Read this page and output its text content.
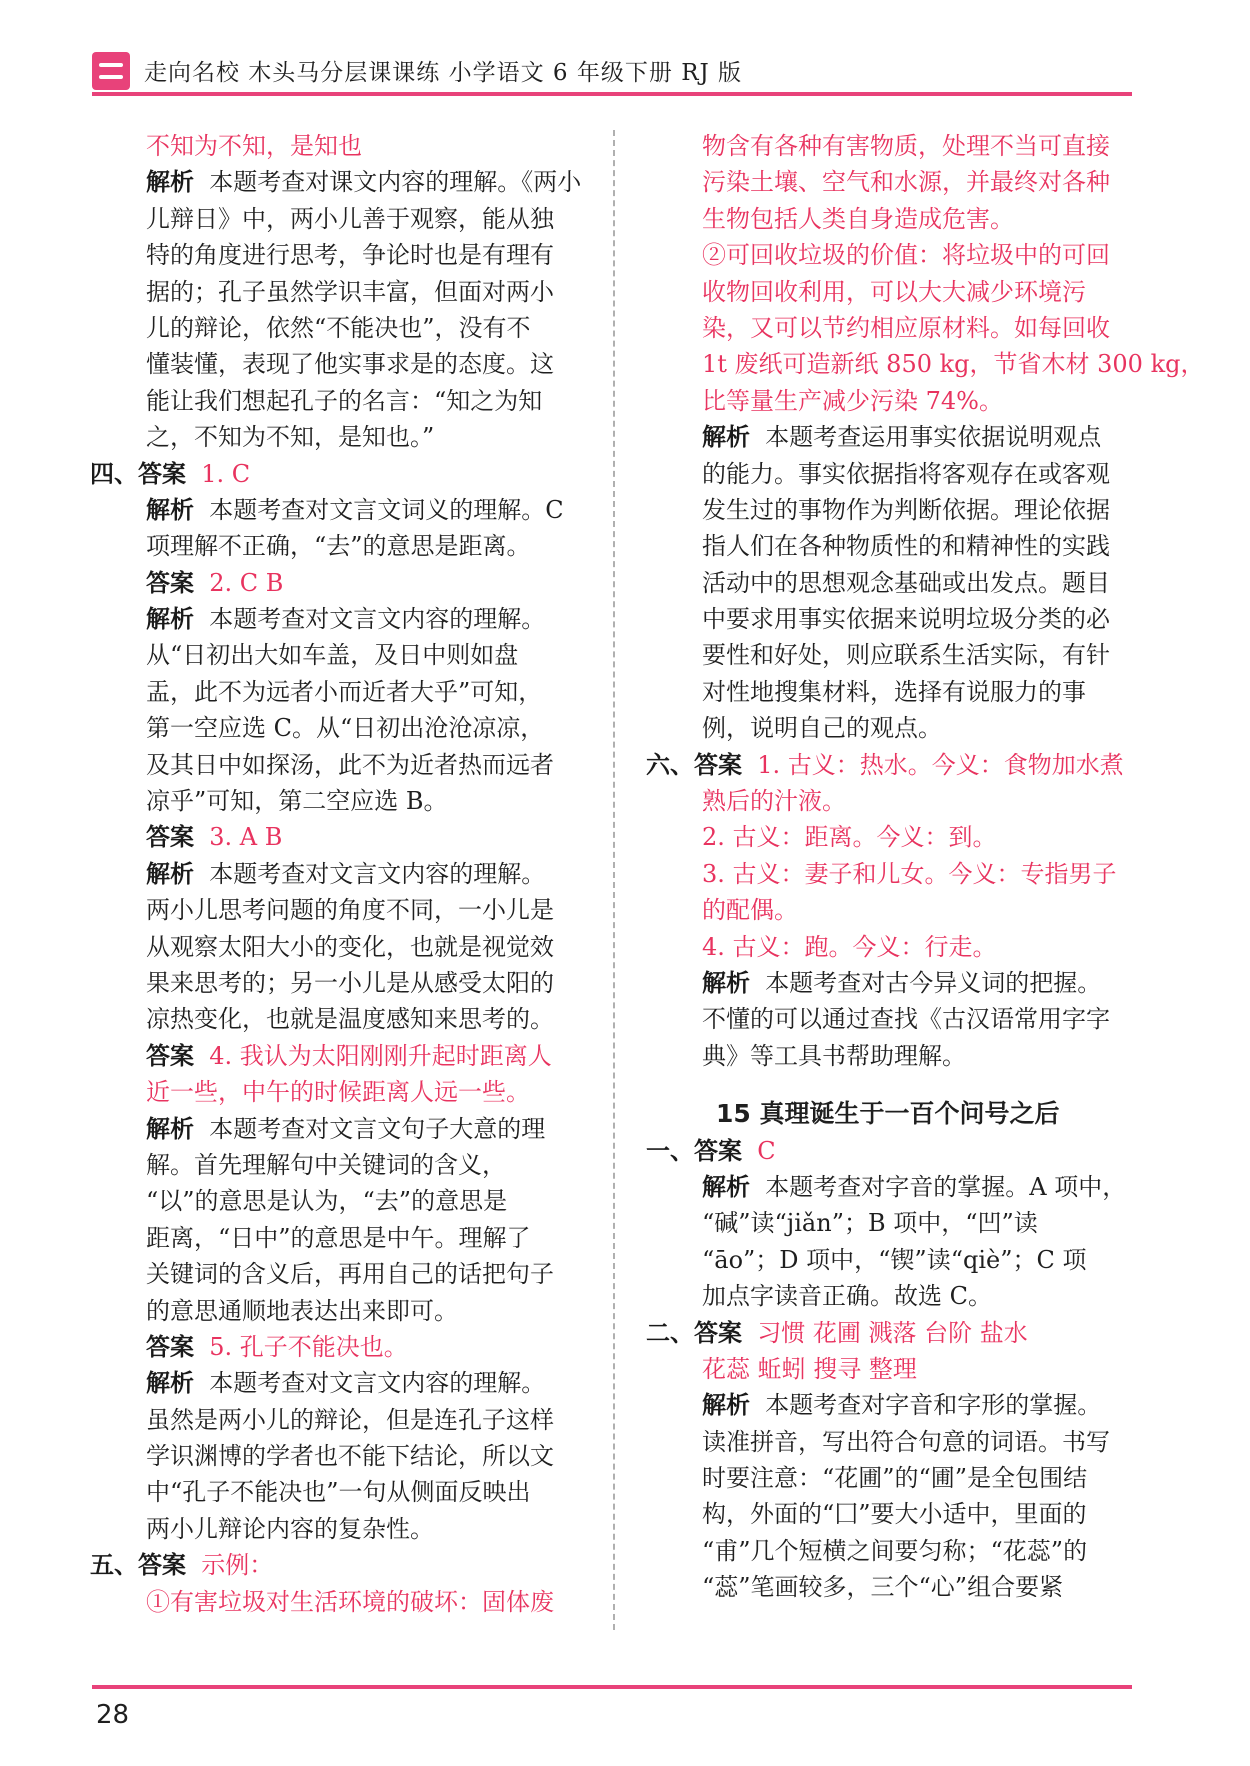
走向名校 木头马分层课课练 小学语文 6 年级下册 RJ 版
不知为不知，是知也
解析 本题考查对课文内容的理解。《两小
儿辩日》中，两小儿善于观察，能从独
特的角度进行思考，争论时也是有理有
据的；孔子虽然学识丰富，但面对两小
儿的辩论，依然“不能决也”，没有不
懂装懂，表现了他实事求是的态度。这
能让我们想起孔子的名言：“知之为知
之，不知为不知，是知也。”
四、答案 1. C
解析 本题考查对文言文词义的理解。C
项理解不正确，“去”的意思是距离。
答案 2. C B
解析 本题考查对文言文内容的理解。
从“日初出大如车盖，及日中则如盘
盂，此不为远者小而近者大乎”可知，
第一空应选 C。从“日初出沧沧凉凉，
及其日中如探汤，此不为近者热而远者
凉乎”可知，第二空应选 B。
答案 3. A B
解析 本题考查对文言文内容的理解。
两小儿思考问题的角度不同，一小儿是
从观察太阳大小的变化，也就是视觉效
果来思考的；另一小儿是从感受太阳的
凉热变化，也就是温度感知来思考的。
答案 4. 我认为太阳刚刚升起时距离人
近一些，中午的时候距离人远一些。
解析 本题考查对文言文句子大意的理
解。首先理解句中关键词的含义，
“以”的意思是认为，“去”的意思是
距离，“日中”的意思是中午。理解了
关键词的含义后，再用自己的话把句子
的意思通顺地表达出来即可。
答案 5. 孔子不能决也。
解析 本题考查对文言文内容的理解。
虽然是两小儿的辩论，但是连孔子这样
学识渊博的学者也不能下结论，所以文
中“孔子不能决也”一句从侧面反映出
两小儿辩论内容的复杂性。
五、答案 示例：
①有害垃圾对生活环境的破坏：固体废
物含有各种有害物质，处理不当可直接
污染土壤、空气和水源，并最终对各种
生物包括人类自身造成危害。
②可回收垃圾的价值：将垃圾中的可回
收物回收利用，可以大大减少环境污
染，又可以节约相应原材料。如每回收
1t 废纸可造新纸 850 kg，节省木材 300 kg，
比等量生产减少污染 74%。
解析 本题考查运用事实依据说明观点
的能力。事实依据指将客观存在或客观
发生过的事物作为判断依据。理论依据
指人们在各种物质性的和精神性的实践
活动中的思想观念基础或出发点。题目
中要求用事实依据来说明垃圾分类的必
要性和好处，则应联系生活实际，有针
对性地搜集材料，选择有说服力的事
例，说明自己的观点。
六、答案 1. 古义：热水。今义：食物加水煮
熟后的汁液。
2. 古义：距离。今义：到。
3. 古义：妻子和儿女。今义：专指男子
的配偶。
4. 古义：跑。今义：行走。
解析 本题考查对古今异义词的把握。
不懂的可以通过查找《古汉语常用字字
典》等工具书帮助理解。
15 真理诞生于一百个问号之后
一、答案 C
解析 本题考查对字音的掌握。A 项中，
“碱”读“jiǎn”；B 项中，“凹”读
“āo”；D 项中，“锲”读“qiè”；C 项
加点字读音正确。故选 C。
二、答案 习惯 花圃 溅落 台阶 盐水
花蕊 蚯蚓 搜寻 整理
解析 本题考查对字音和字形的掌握。
读准拼音，写出符合句意的词语。书写
时要注意：“花圃”的“圃”是全包围结
构，外面的“囗”要大小适中，里面的
“甫”几个短横之间要匀称；“花蕊”的
“蕊”笔画较多，三个“心”组合要紧
28
